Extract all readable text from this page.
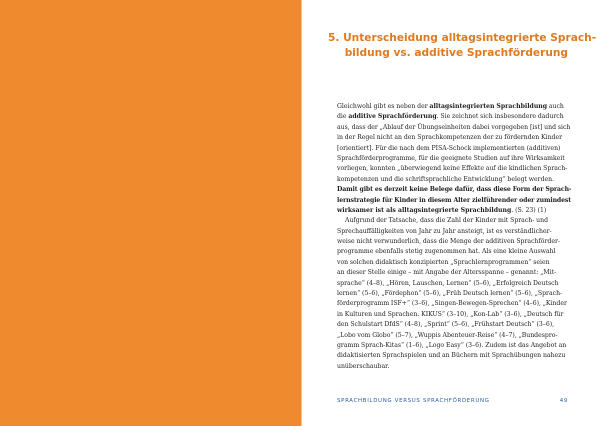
5. Unterscheidung alltagsintegrierte Sprach-
bildung vs. additive Sprachförderung
Gleichwohl gibt es neben der alltagsintegrierten Sprachbildung auch
die additive Sprachförderung. Sie zeichnet sich insbesondere dadurch
aus, dass der „Ablauf der Übungseinheiten dabei vorgegeben [ist] und sich
in der Regel nicht an den Sprachkompetenzen der zu fördernden Kinder
[orientiert]. Für die nach dem PISA-Schock implementierten (additiven)
Sprachförderprogramme, für die geeignete Studien auf ihre Wirksamkeit
vorliegen, konnten „überwiegend keine Effekte auf die kindlichen Sprach-
kompetenzen und die schriftsprachliche Entwicklung“ belegt werden.
Damit gibt es derzeit keine Belege dafür, dass diese Form der Sprach-
lernstrategie für Kinder in diesem Alter zielführender oder zumindest
wirksamer ist als alltagsintegrierte Sprachbildung. (S. 23) (1)
Aufgrund der Tatsache, dass die Zahl der Kinder mit Sprach- und
Sprechauffälligkeiten von Jahr zu Jahr ansteigt, ist es verständlicher-
weise nicht verwunderlich, dass die Menge der additiven Sprachförder-
programme ebenfalls stetig zugenommen hat. Als eine kleine Auswahl
von solchen didaktisch konzipierten „Sprachlernprogrammen“ seien
an dieser Stelle einige – mit Angabe der Altersspanne – genannt: „Mit-
sprache“ (4–8), „Hören, Lauschen, Lernen“ (5–6), „Erfolgreich Deutsch
lernen“ (5–6), „Fördephon“ (5–6), „Früh Deutsch lernen“ (5–6), „Sprach-
förderprogramm ISF+“ (3–6), „Singen-Bewegen-Sprechen“ (4–6), „Kinder
in Kulturen und Sprachen. KIKUS“ (3–10), „Kon-Lab“ (3–6), „Deutsch für
den Schulstart DfdS“ (4–8), „Sprint“ (5–6), „Frühstart Deutsch“ (3–6),
„Lobo vom Globo“ (5–7), „Wuppis Abenteuer-Reise“ (4–7), „Bundespro-
gramm Sprach-Kitas“ (1–6), „Logo Easy“ (3–6). Zudem ist das Angebot an
didaktisierten Sprachspielen und an Büchern mit Sprachübungen nahezu
unüberschaubar.
SPRACHBILDUNG VERSUS SPRACHFÖRDERUNG	49
